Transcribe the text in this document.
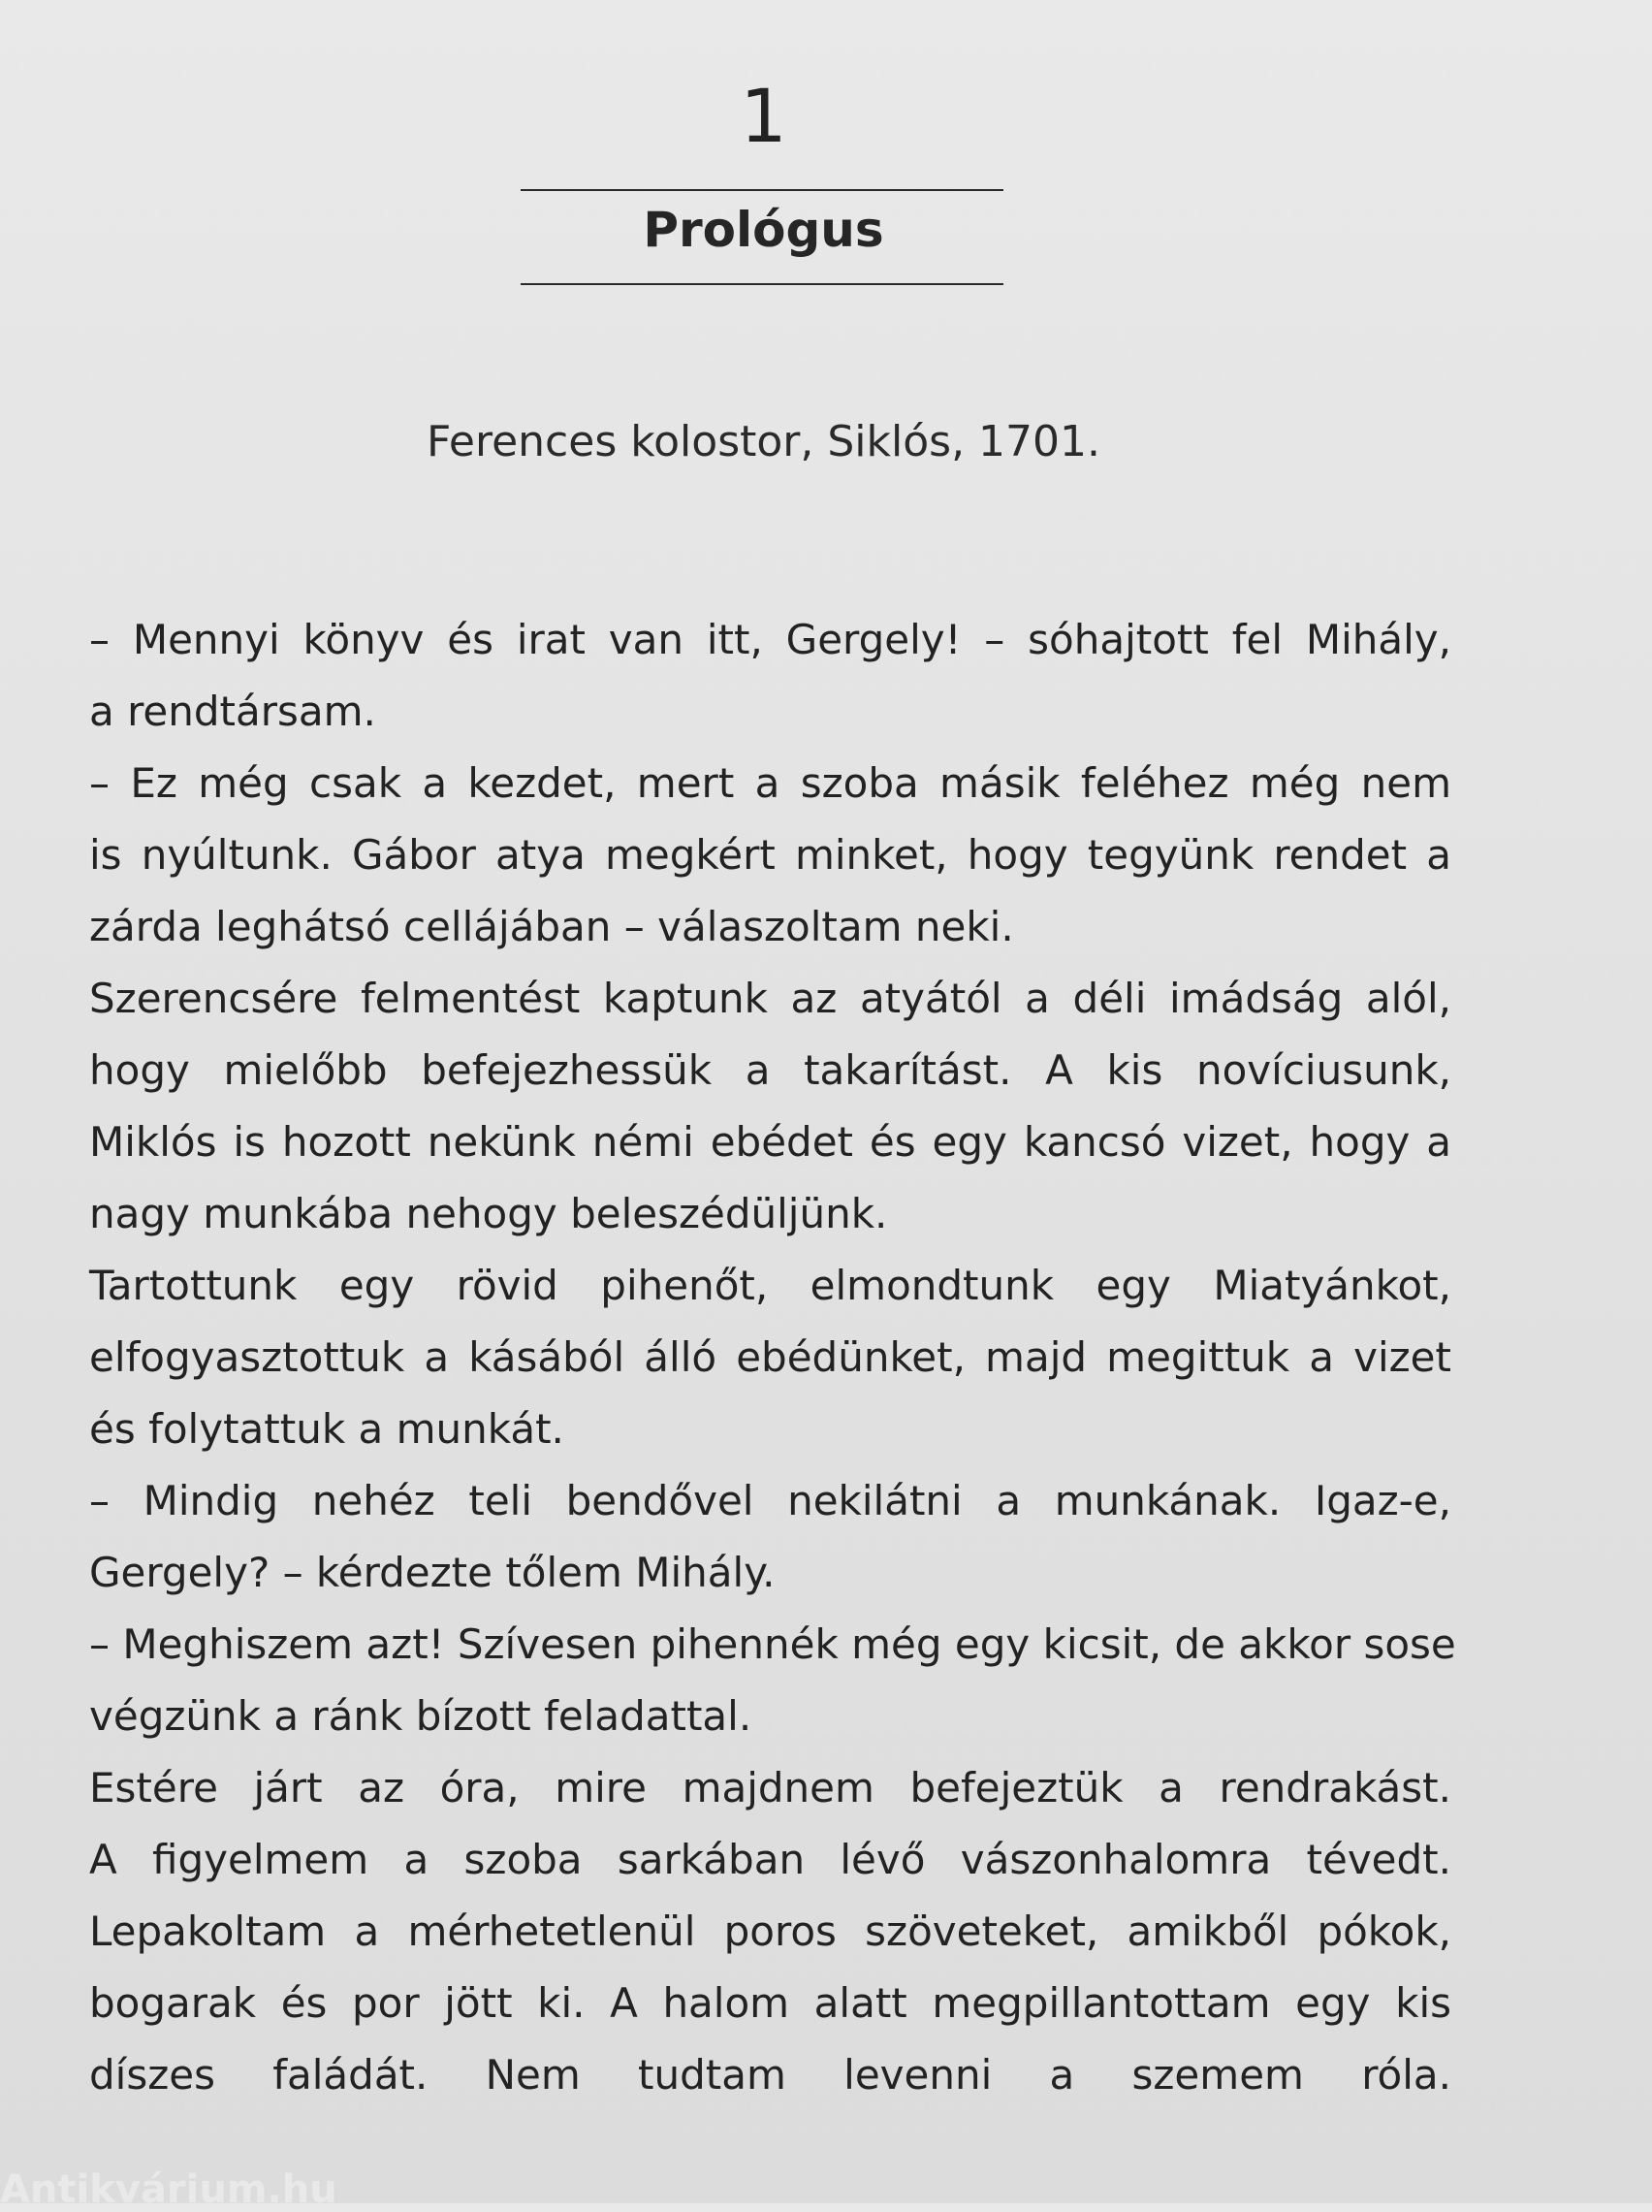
1
Prológus
Ferences kolostor, Siklós, 1701.
– Mennyi könyv és irat van itt, Gergely! – sóhajtott fel Mihály,
a rendtársam.
– Ez még csak a kezdet, mert a szoba másik feléhez még nem
is nyúltunk. Gábor atya megkért minket, hogy tegyünk rendet a
zárda leghátsó cellájában – válaszoltam neki.
Szerencsére felmentést kaptunk az atyától a déli imádság alól,
hogy mielőbb befejezhessük a takarítást. A kis novíciusunk,
Miklós is hozott nekünk némi ebédet és egy kancsó vizet, hogy a
nagy munkába nehogy beleszédüljünk.
Tartottunk egy rövid pihenőt, elmondtunk egy Miatyánkot,
elfogyasztottuk a kásából álló ebédünket, majd megittuk a vizet
és folytattuk a munkát.
– Mindig nehéz teli bendővel nekilátni a munkának. Igaz-e,
Gergely? – kérdezte tőlem Mihály.
– Meghiszem azt! Szívesen pihennék még egy kicsit, de akkor sose
végzünk a ránk bízott feladattal.
Estére járt az óra, mire majdnem befejeztük a rendrakást.
A figyelmem a szoba sarkában lévő vászonhalomra tévedt.
Lepakoltam a mérhetetlenül poros szöveteket, amikből pókok,
bogarak és por jött ki. A halom alatt megpillantottam egy kis
díszes faládát. Nem tudtam levenni a szemem róla.
Antikvárium.hu
